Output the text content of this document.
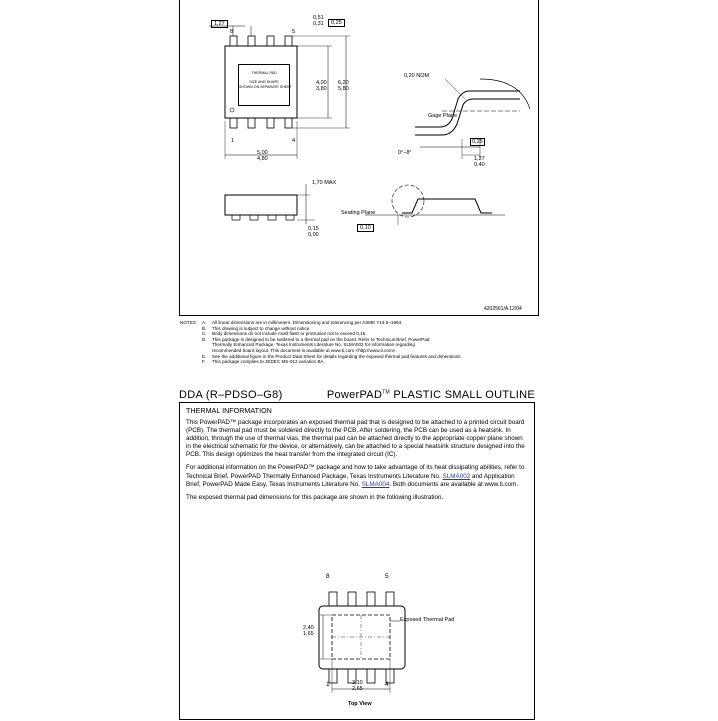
8	5
1	4
1,27
0,51
0,31	0,25
THERMAL PAD

SIZE AND SHAPE
SHOWN ON SEPARATE SHEET
4,00
3,80
6,20
5,80
5,00
4,80
1,70 MAX
0,15
0,00
0,20 NOM
Gage Plane
0,25
0°–8°
1,27
0,40
Seating Plane
0,10
4202561/A 12/04
NOTES: A. All linear dimensions are in millimeters. Dimensioning and tolerancing per ASME Y14.5–1994.
B. This drawing is subject to change without notice.
C. Body dimensions do not include mold flash or protrusion not to exceed 0,15.
D. This package is designed to be soldered to a thermal pad on the board. Refer to Technical Brief, PowerPad
Thermally Enhanced Package, Texas Instruments Literature No. SLMA002 for information regarding
recommended board layout. This document is available at www.ti.com <http://www.ti.com>.
E. See the additional figure in the Product Data Sheet for details regarding the exposed thermal pad features and dimensions.
F. This package complies to JEDEC MS-012 variation BA
DDA (R–PDSO–G8)	PowerPAD™ PLASTIC SMALL OUTLINE
THERMAL INFORMATION

This PowerPAD™ package incorporates an exposed thermal pad that is designed to be attached to a printed circuit board (PCB). The thermal pad must be soldered directly to the PCB. After soldering, the PCB can be used as a heatsink. In addition, through the use of thermal vias, the thermal pad can be attached directly to the appropriate copper plane shown in the electrical schematic for the device, or alternatively, can be attached to a special heatsink structure designed into the PCB. This design optimizes the heat transfer from the integrated circuit (IC).

For additional information on the PowerPAD™ package and how to take advantage of its heat dissipating abilities, refer to Technical Brief, PowerPAD Thermally Enhanced Package, Texas Instruments Literature No. SLMA002 and Application Brief, PowerPAD Made Easy, Texas Instruments Literature No. SLMA004. Both documents are available at www.ti.com.

The exposed thermal pad dimensions for this package are shown in the following illustration.

8	5
1	4
Exposed Thermal Pad
2,40
1,65
3,10
2,65
Top View
